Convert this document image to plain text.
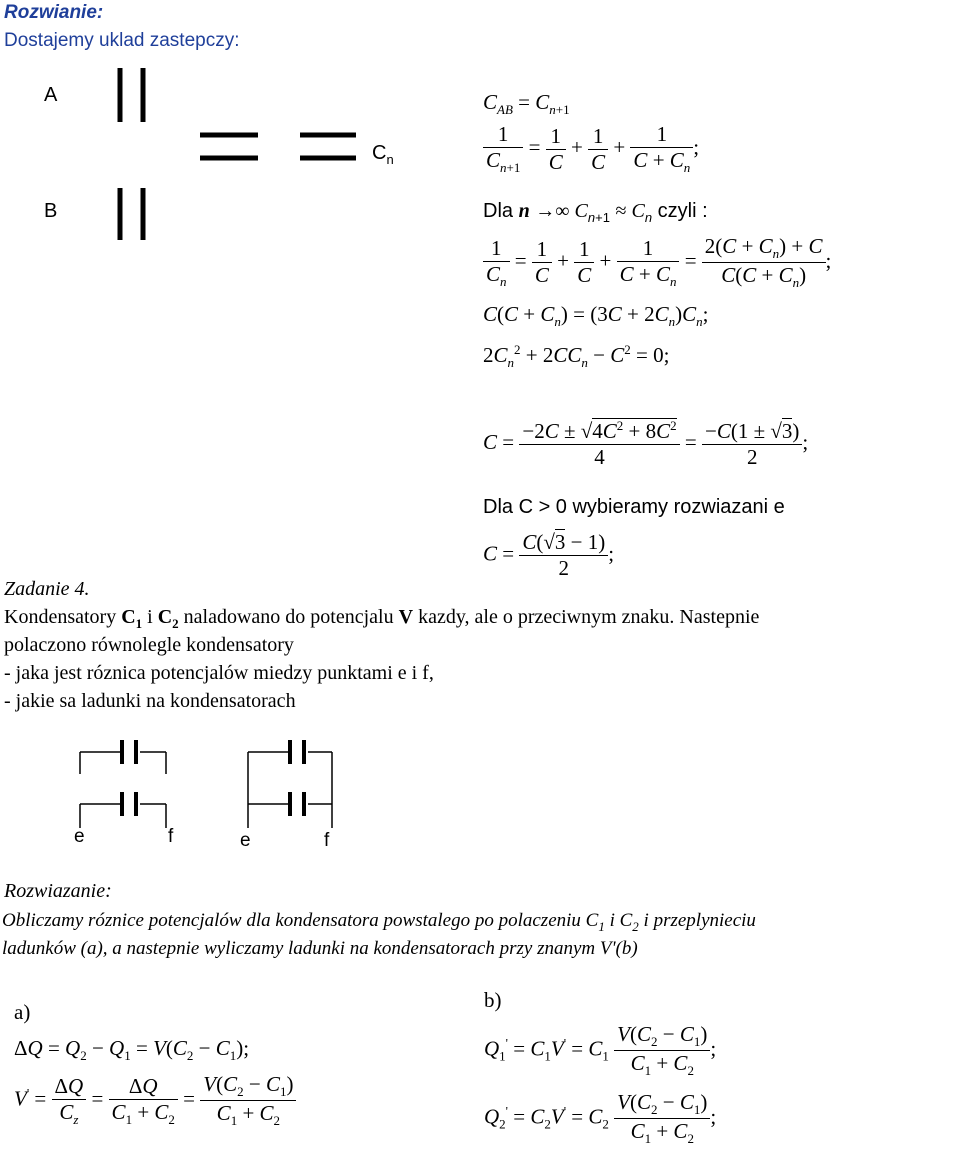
Rozwianie:
Dostajemy uklad zastepczy:
A
B
$C_n$
$C_{AB} = C_{n+1}$
$\frac{1}{C_{n+1}} = \frac{1}{C} + \frac{1}{C} + \frac{1}{C + C_n}$ ;
Dla n →∞ $C_{n+1} \approx C_n$ czyli :
$\frac{1}{C_n} = \frac{1}{C} + \frac{1}{C} + \frac{1}{C + C_n} = \frac{2(C + C_n) + C}{C(C + C_n)}$ ;
$C(C + C_n) = (3C + 2C_n)C_n$;
$2C_n^2 + 2CC_n - C^2 = 0$;
$C = \frac{-2C \pm √4C^2 + 8C^2}{4} = \frac{-C(1 \pm √3)}{2}$ ;
Dla C > 0 wybieramy rozwiazani e
$C = \frac{C(√3 - 1)}{2}$ ;
Zadanie 4.
Kondensatory $C_1$ i $C_2$ naladowano do potencjalu V kazdy, ale o przeciwnym znaku. Nastepnie
polaczono równolegle kondensatory
- jaka jest róznica potencjalów miedzy punktami e i f,
- jakie sa ladunki na kondensatorach
e	f	e	f
Rozwiazanie:
Obliczamy róznice potencjalów dla kondensatora powstalego po polaczeniu $C_1$ i $C_2$ i przeplynieciu
ladunków (a), a nastepnie wyliczamy ladunki na kondensatorach przy znanym V'(b)
a)	b)
$\Delta Q = Q_2 - Q_1 = V(C_2 - C_1)$;
$V' = \frac{\Delta Q}{C_z} = \frac{\Delta Q}{C_1 + C_2} = \frac{V(C_2 - C_1)}{C_1 + C_2}$
$Q_1' = C_1V' = C_1 \frac{V(C_2 - C_1)}{C_1 + C_2}$ ;
$Q_2' = C_2V' = C_2 \frac{V(C_2 - C_1)}{C_1 + C_2}$ ;
